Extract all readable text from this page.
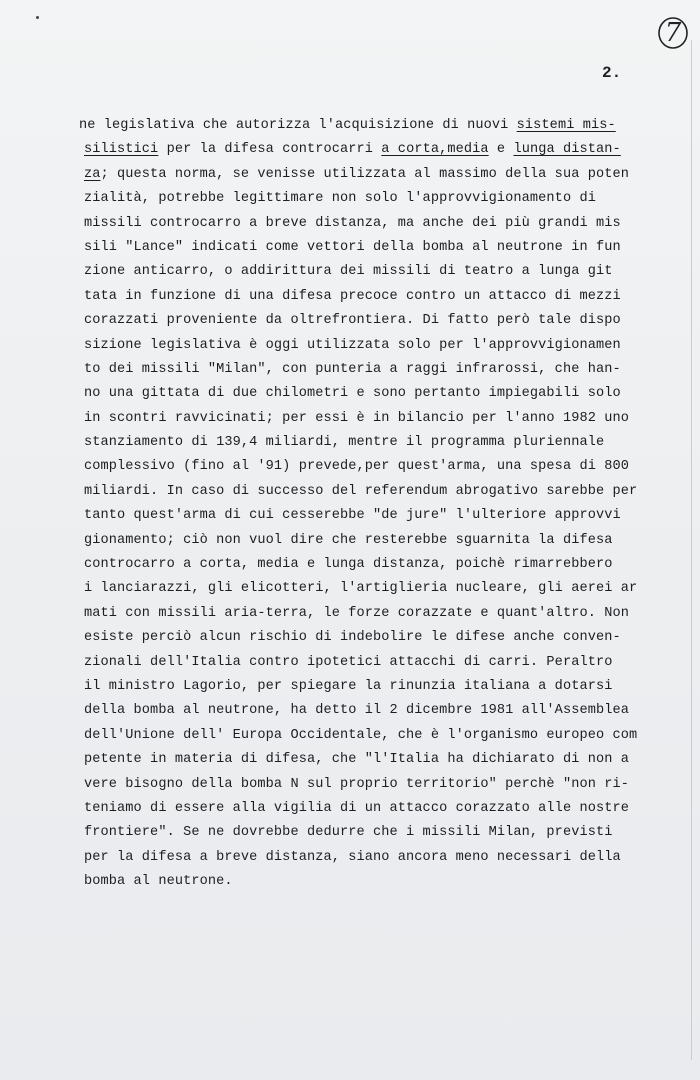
7
2.
ne legislativa che autorizza l'acquisizione di nuovi sistemi mis-
silistici per la difesa controcarri a corta,media e lunga distan-
za; questa norma, se venisse utilizzata al massimo della sua poten
zialità, potrebbe legittimare non solo l'approvvigionamento di
missili controcarro a breve distanza, ma anche dei più grandi mis
sili "Lance" indicati come vettori della bomba al neutrone in fun
zione anticarro, o addirittura dei missili di teatro a lunga git
tata in funzione di una difesa precoce contro un attacco di mezzi
corazzati proveniente da oltrefrontiera. Di fatto però tale dispo
sizione legislativa è oggi utilizzata solo per l'approvvigionamen
to dei missili "Milan", con punteria a raggi infrarossi, che han-
no una gittata di due chilometri e sono pertanto impiegabili solo
in scontri ravvicinati; per essi è in bilancio per l'anno 1982 uno
stanziamento di 139,4 miliardi, mentre il programma pluriennale
complessivo (fino al '91) prevede,per quest'arma, una spesa di 800
miliardi. In caso di successo del referendum abrogativo sarebbe per
tanto quest'arma di cui cesserebbe "de jure" l'ulteriore approvvi
gionamento; ciò non vuol dire che resterebbe sguarnita la difesa
controcarro a corta, media e lunga distanza, poichè rimarrebbero
i lanciarazzi, gli elicotteri, l'artiglieria nucleare, gli aerei ar
mati con missili aria-terra, le forze corazzate e quant'altro. Non
esiste perciò alcun rischio di indebolire le difese anche conven-
zionali dell'Italia contro ipotetici attacchi di carri. Peraltro
il ministro Lagorio, per spiegare la rinunzia italiana a dotarsi
della bomba al neutrone, ha detto il 2 dicembre 1981 all'Assemblea
dell'Unione dell' Europa Occidentale, che è l'organismo europeo com
petente in materia di difesa, che "l'Italia ha dichiarato di non a
vere bisogno della bomba N sul proprio territorio" perchè "non ri-
teniamo di essere alla vigilia di un attacco corazzato alle nostre
frontiere". Se ne dovrebbe dedurre che i missili Milan, previsti
per la difesa a breve distanza, siano ancora meno necessari della
bomba al neutrone.
